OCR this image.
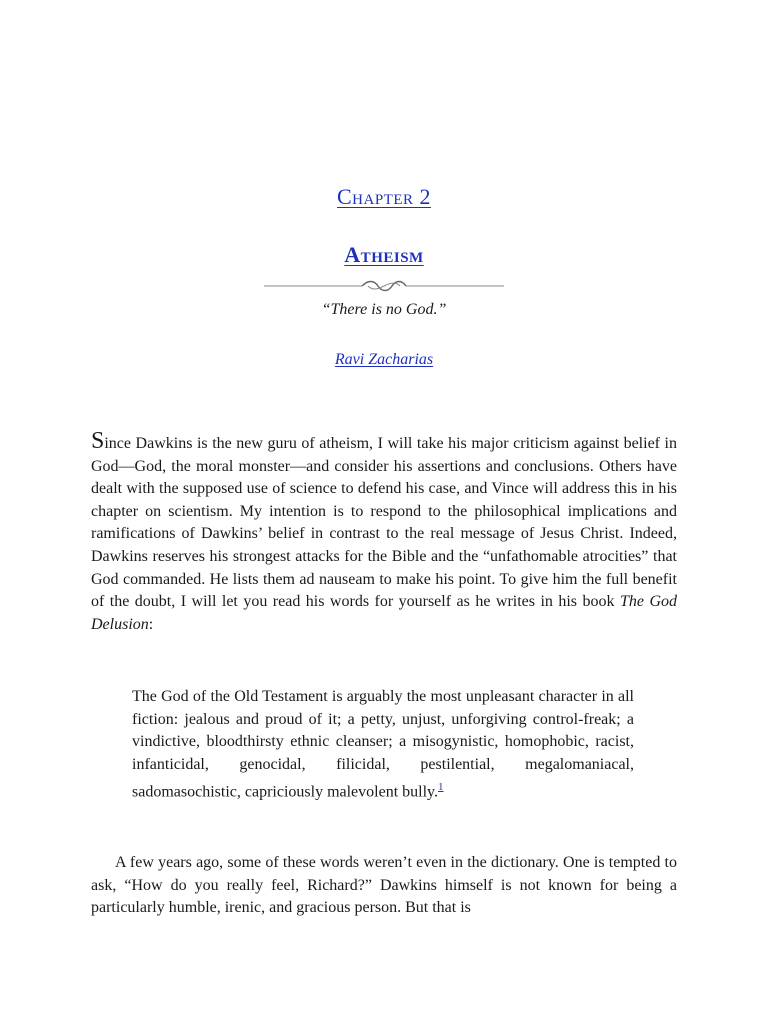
Chapter 2
Atheism
“There is no God.”
Ravi Zacharias

Since Dawkins is the new guru of atheism, I will take his major criticism against belief in God—God, the moral monster—and consider his assertions and conclusions. Others have dealt with the supposed use of science to defend his case, and Vince will address this in his chapter on scientism. My intention is to respond to the philosophical implications and ramifications of Dawkins’ belief in contrast to the real message of Jesus Christ. Indeed, Dawkins reserves his strongest attacks for the Bible and the “unfathomable atrocities” that God commanded. He lists them ad nauseam to make his point. To give him the full benefit of the doubt, I will let you read his words for yourself as he writes in his book The God Delusion:

The God of the Old Testament is arguably the most unpleasant character in all fiction: jealous and proud of it; a petty, unjust, unforgiving control-freak; a vindictive, bloodthirsty ethnic cleanser; a misogynistic, homophobic, racist, infanticidal, genocidal, filicidal, pestilential, megalomaniacal, sadomasochistic, capriciously malevolent bully.$^1$

A few years ago, some of these words weren’t even in the dictionary. One is tempted to ask, “How do you really feel, Richard?” Dawkins himself is not known for being a particularly humble, irenic, and gracious person. But that is
